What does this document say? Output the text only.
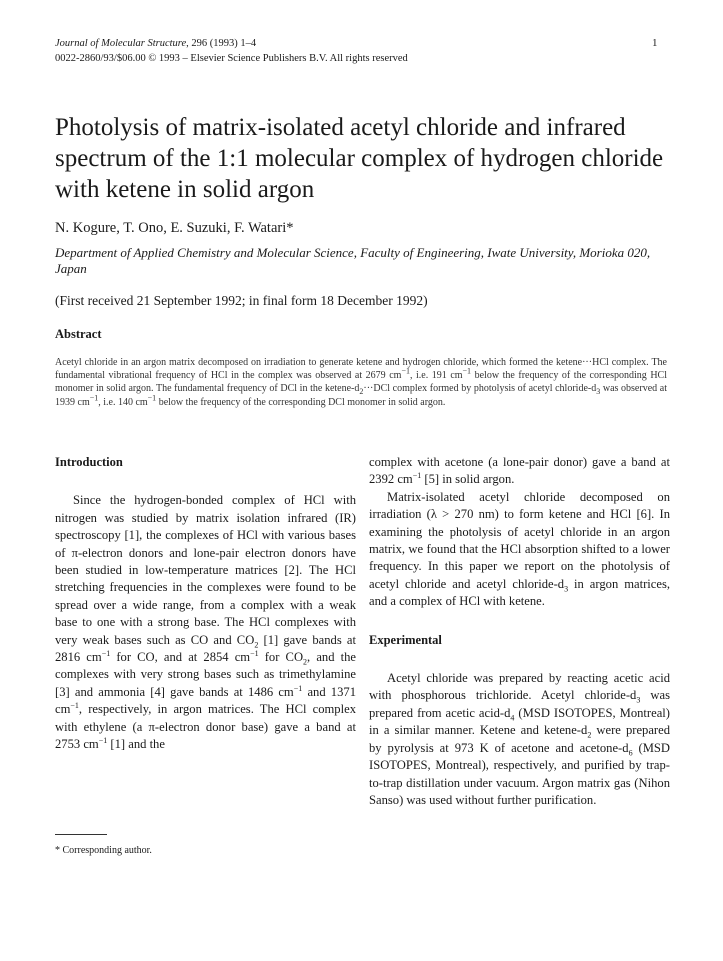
Journal of Molecular Structure, 296 (1993) 1–4
0022-2860/93/$06.00 © 1993 – Elsevier Science Publishers B.V. All rights reserved
1
Photolysis of matrix-isolated acetyl chloride and infrared spectrum of the 1:1 molecular complex of hydrogen chloride with ketene in solid argon
N. Kogure, T. Ono, E. Suzuki, F. Watari*
Department of Applied Chemistry and Molecular Science, Faculty of Engineering, Iwate University, Morioka 020, Japan
(First received 21 September 1992; in final form 18 December 1992)
Abstract
Acetyl chloride in an argon matrix decomposed on irradiation to generate ketene and hydrogen chloride, which formed the ketene···HCl complex. The fundamental vibrational frequency of HCl in the complex was observed at 2679 $cm^{-1}$, i.e. 191 $cm^{-1}$ below the frequency of the corresponding HCl monomer in solid argon. The fundamental frequency of DCl in the ketene-$d_2\cdot\cdot\cdot DCl$ complex formed by photolysis of acetyl chloride-$d_3$ was observed at 1939 $cm^{-1}$, i.e. 140 $cm^{-1}$ below the frequency of the corresponding DCl monomer in solid argon.

Introduction

Since the hydrogen-bonded complex of HCl with nitrogen was studied by matrix isolation infrared (IR) spectroscopy [1], the complexes of HCl with various bases of π-electron donors and lone-pair electron donors have been studied in low-temperature matrices [2]. The HCl stretching frequencies in the complexes were found to be spread over a wide range, from a complex with a weak base to one with a strong base. The HCl complexes with very weak bases such as CO and $CO_2$ [1] gave bands at 2816 $cm^{-1}$ for CO, and at 2854 $cm^{-1}$ for $CO_2$, and the complexes with very strong bases such as trimethylamine [3] and ammonia [4] gave bands at 1486 $cm^{-1}$ and 1371 $cm^{-1}$, respectively, in argon matrices. The HCl complex with ethylene (a π-electron donor base) gave a band at 2753 $cm^{-1}$ [1] and the

complex with acetone (a lone-pair donor) gave a band at 2392 $cm^{-1}$ [5] in solid argon.

Matrix-isolated acetyl chloride decomposed on irradiation (λ > 270 nm) to form ketene and HCl [6]. In examining the photolysis of acetyl chloride in an argon matrix, we found that the HCl absorption shifted to a lower frequency. In this paper we report on the photolysis of acetyl chloride and acetyl chloride-$d_3$ in argon matrices, and a complex of HCl with ketene.

Experimental

Acetyl chloride was prepared by reacting acetic acid with phosphorous trichloride. Acetyl chloride-$d_3$ was prepared from acetic acid-$d_4$ (MSD ISOTOPES, Montreal) in a similar manner. Ketene and ketene-$d_2$ were prepared by pyrolysis at 973 K of acetone and acetone-$d_6$ (MSD ISOTOPES, Montreal), respectively, and purified by trap-to-trap distillation under vacuum. Argon matrix gas (Nihon Sanso) was used without further purification.

* Corresponding author.
